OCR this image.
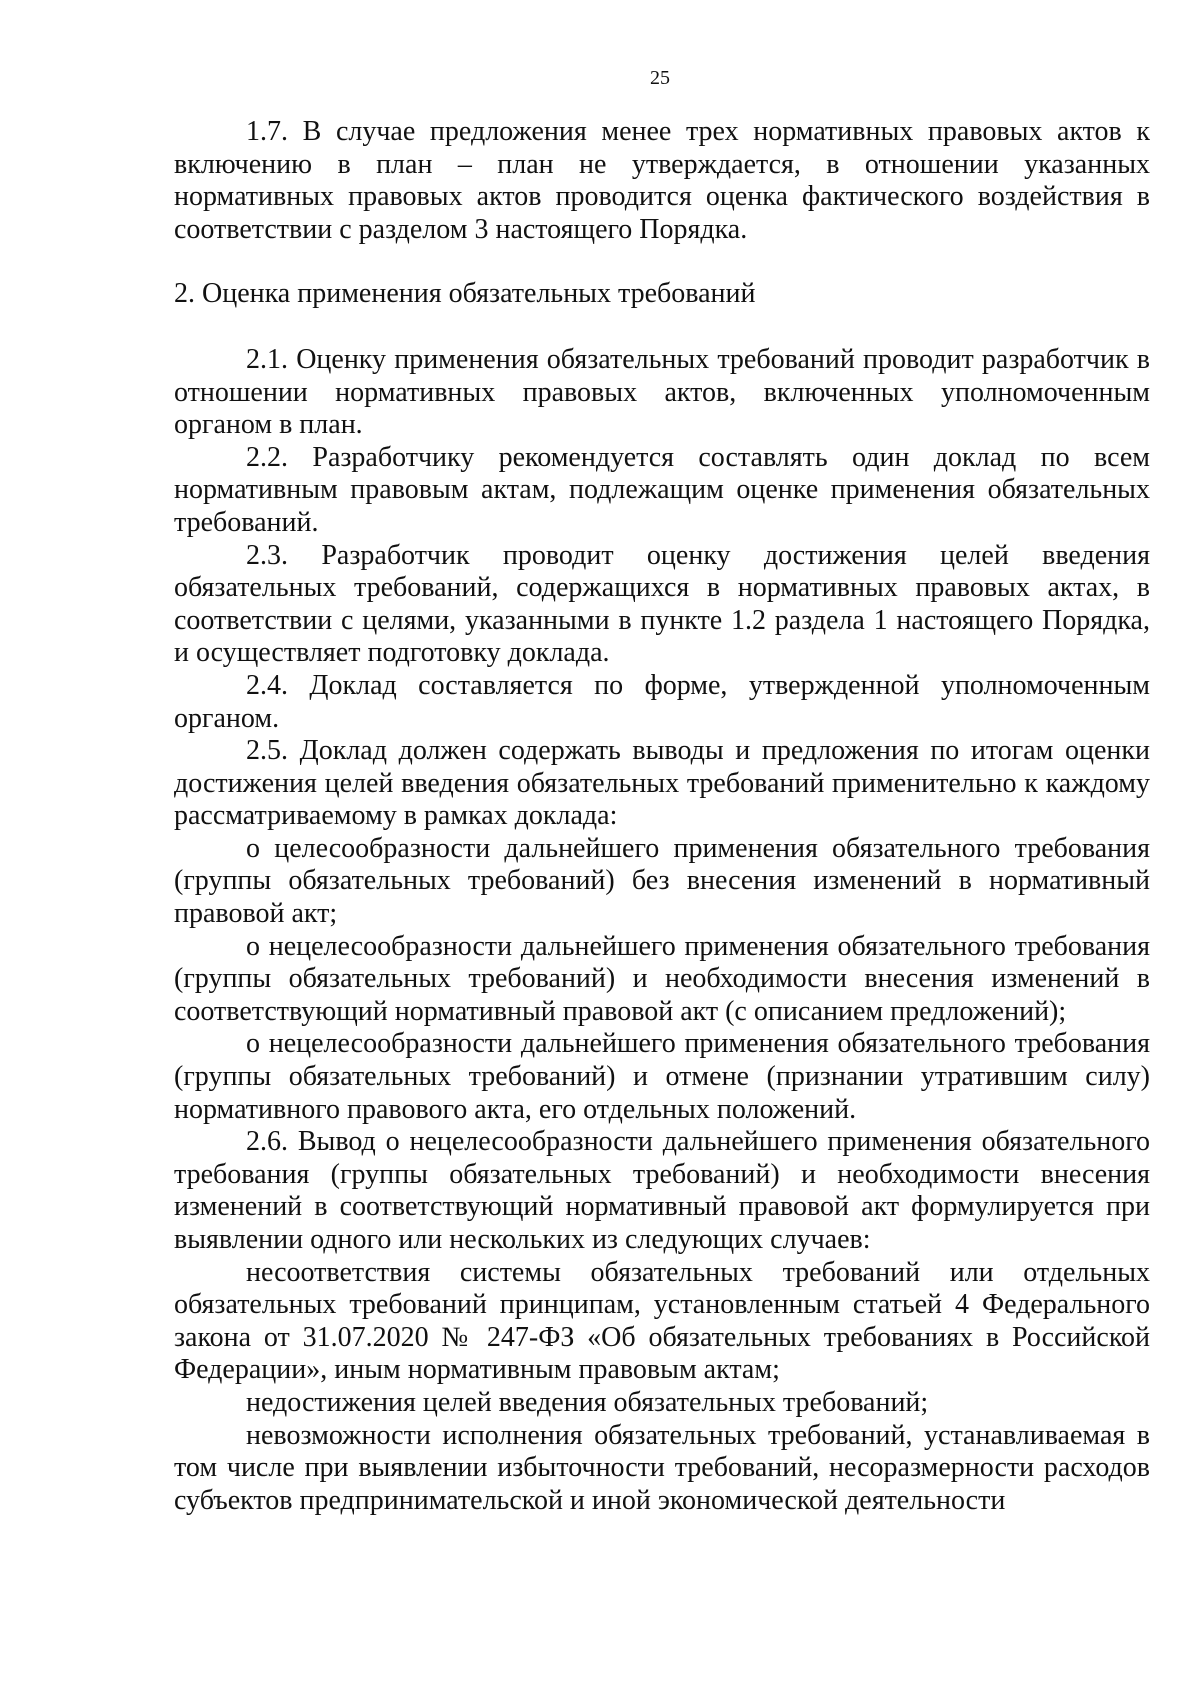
25

1.7. В случае предложения менее трех нормативных правовых актов к включению в план – план не утверждается, в отношении указанных нормативных правовых актов проводится оценка фактического воздействия в соответствии с разделом 3 настоящего Порядка.

2. Оценка применения обязательных требований

2.1. Оценку применения обязательных требований проводит разработчик в отношении нормативных правовых актов, включенных уполномоченным органом в план.

2.2. Разработчику рекомендуется составлять один доклад по всем нормативным правовым актам, подлежащим оценке применения обязательных требований.

2.3. Разработчик проводит оценку достижения целей введения обязательных требований, содержащихся в нормативных правовых актах, в соответствии с целями, указанными в пункте 1.2 раздела 1 настоящего Порядка, и осуществляет подготовку доклада.

2.4. Доклад составляется по форме, утвержденной уполномоченным органом.

2.5. Доклад должен содержать выводы и предложения по итогам оценки достижения целей введения обязательных требований применительно к каждому рассматриваемому в рамках доклада:

о целесообразности дальнейшего применения обязательного требования (группы обязательных требований) без внесения изменений в нормативный правовой акт;

о нецелесообразности дальнейшего применения обязательного требования (группы обязательных требований) и необходимости внесения изменений в соответствующий нормативный правовой акт (с описанием предложений);

о нецелесообразности дальнейшего применения обязательного требования (группы обязательных требований) и отмене (признании утратившим силу) нормативного правового акта, его отдельных положений.

2.6. Вывод о нецелесообразности дальнейшего применения обязательного требования (группы обязательных требований) и необходимости внесения изменений в соответствующий нормативный правовой акт формулируется при выявлении одного или нескольких из следующих случаев:

несоответствия системы обязательных требований или отдельных обязательных требований принципам, установленным статьей 4 Федерального закона от 31.07.2020 № 247-ФЗ «Об обязательных требованиях в Российской Федерации», иным нормативным правовым актам;

недостижения целей введения обязательных требований;

невозможности исполнения обязательных требований, устанавливаемая в том числе при выявлении избыточности требований, несоразмерности расходов субъектов предпринимательской и иной экономической деятельности
